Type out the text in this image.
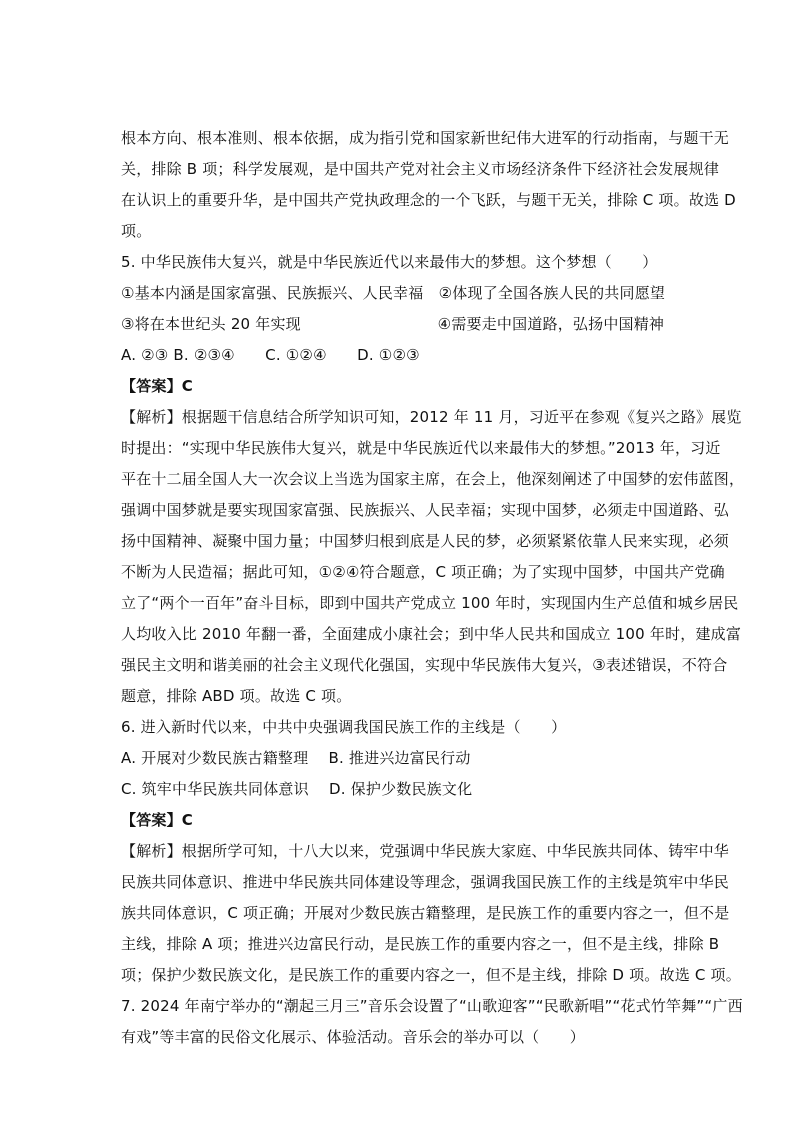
根本方向、根本准则、根本依据，成为指引党和国家新世纪伟大进军的行动指南，与题干无
关，排除 B 项；科学发展观，是中国共产党对社会主义市场经济条件下经济社会发展规律
在认识上的重要升华，是中国共产党执政理念的一个飞跃，与题干无关，排除 C 项。故选 D
项。
5. 中华民族伟大复兴，就是中华民族近代以来最伟大的梦想。这个梦想（　　）
①基本内涵是国家富强、民族振兴、人民幸福　②体现了全国各族人民的共同愿望
③将在本世纪头 20 年实现　　　　　　　　　④需要走中国道路，弘扬中国精神
A. ②③ B. ②③④　　C. ①②④　　D. ①②③
【答案】C
【解析】根据题干信息结合所学知识可知，2012 年 11 月，习近平在参观《复兴之路》展览
时提出：“实现中华民族伟大复兴，就是中华民族近代以来最伟大的梦想。”2013 年，习近
平在十二届全国人大一次会议上当选为国家主席，在会上，他深刻阐述了中国梦的宏伟蓝图，
强调中国梦就是要实现国家富强、民族振兴、人民幸福；实现中国梦，必须走中国道路、弘
扬中国精神、凝聚中国力量；中国梦归根到底是人民的梦，必须紧紧依靠人民来实现，必须
不断为人民造福；据此可知，①②④符合题意，C 项正确；为了实现中国梦，中国共产党确
立了“两个一百年”奋斗目标，即到中国共产党成立 100 年时，实现国内生产总值和城乡居民
人均收入比 2010 年翻一番，全面建成小康社会；到中华人民共和国成立 100 年时，建成富
强民主文明和谐美丽的社会主义现代化强国，实现中华民族伟大复兴，③表述错误，不符合
题意，排除 ABD 项。故选 C 项。
6. 进入新时代以来，中共中央强调我国民族工作的主线是（　　）
A. 开展对少数民族古籍整理　 B. 推进兴边富民行动
C. 筑牢中华民族共同体意识　 D. 保护少数民族文化
【答案】C
【解析】根据所学可知，十八大以来，党强调中华民族大家庭、中华民族共同体、铸牢中华
民族共同体意识、推进中华民族共同体建设等理念，强调我国民族工作的主线是筑牢中华民
族共同体意识，C 项正确；开展对少数民族古籍整理，是民族工作的重要内容之一，但不是
主线，排除 A 项；推进兴边富民行动，是民族工作的重要内容之一，但不是主线，排除 B
项；保护少数民族文化，是民族工作的重要内容之一，但不是主线，排除 D 项。故选 C 项。
7. 2024 年南宁举办的“潮起三月三”音乐会设置了“山歌迎客”“民歌新唱”“花式竹竿舞”“广西
有戏”等丰富的民俗文化展示、体验活动。音乐会的举办可以（　　）
